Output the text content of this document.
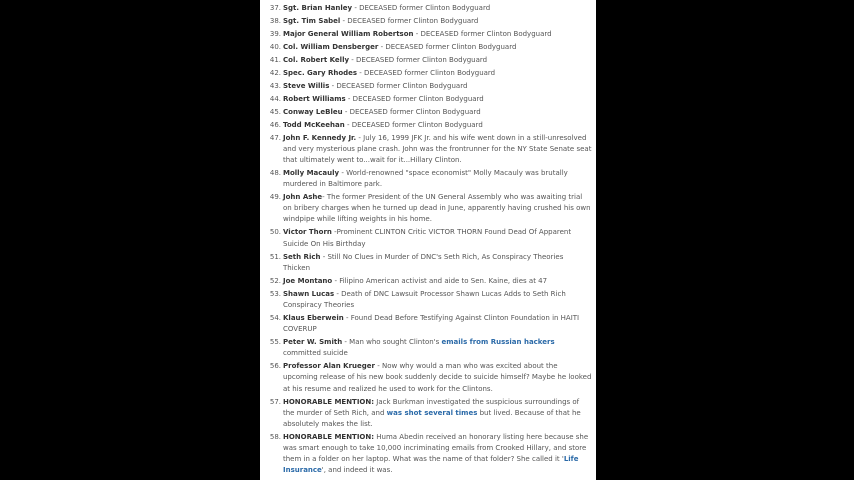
37. Sgt. Brian Hanley - DECEASED former Clinton Bodyguard
38. Sgt. Tim Sabel - DECEASED former Clinton Bodyguard
39. Major General William Robertson - DECEASED former Clinton Bodyguard
40. Col. William Densberger - DECEASED former Clinton Bodyguard
41. Col. Robert Kelly - DECEASED former Clinton Bodyguard
42. Spec. Gary Rhodes - DECEASED former Clinton Bodyguard
43. Steve Willis - DECEASED former Clinton Bodyguard
44. Robert Williams - DECEASED former Clinton Bodyguard
45. Conway LeBleu - DECEASED former Clinton Bodyguard
46. Todd McKeehan - DECEASED former Clinton Bodyguard
47. John F. Kennedy Jr. - July 16, 1999 JFK Jr. and his wife went down in a still-unresolved and very mysterious plane crash. John was the frontrunner for the NY State Senate seat that ultimately went to...wait for it...Hillary Clinton.
48. Molly Macauly - World-renowned "space economist" Molly Macauly was brutally murdered in Baltimore park.
49. John Ashe- The former President of the UN General Assembly who was awaiting trial on bribery charges when he turned up dead in June, apparently having crushed his own windpipe while lifting weights in his home.
50. Victor Thorn -Prominent CLINTON Critic VICTOR THORN Found Dead Of Apparent Suicide On His Birthday
51. Seth Rich - Still No Clues in Murder of DNC's Seth Rich, As Conspiracy Theories Thicken
52. Joe Montano - Filipino American activist and aide to Sen. Kaine, dies at 47
53. Shawn Lucas - Death of DNC Lawsuit Processor Shawn Lucas Adds to Seth Rich Conspiracy Theories
54. Klaus Eberwein - Found Dead Before Testifying Against Clinton Foundation in HAITI COVERUP
55. Peter W. Smith - Man who sought Clinton's emails from Russian hackers committed suicide
56. Professor Alan Krueger - Now why would a man who was excited about the upcoming release of his new book suddenly decide to suicide himself? Maybe he looked at his resume and realized he used to work for the Clintons.
57. HONORABLE MENTION: Jack Burkman investigated the suspicious surroundings of the murder of Seth Rich, and was shot several times but lived. Because of that he absolutely makes the list.
58. HONORABLE MENTION: Huma Abedin received an honorary listing here because she was smart enough to take 10,000 incriminating emails from Crooked Hillary, and store them in a folder on her laptop. What was the name of that folder? She called it 'Life Insurance', and indeed it was.
